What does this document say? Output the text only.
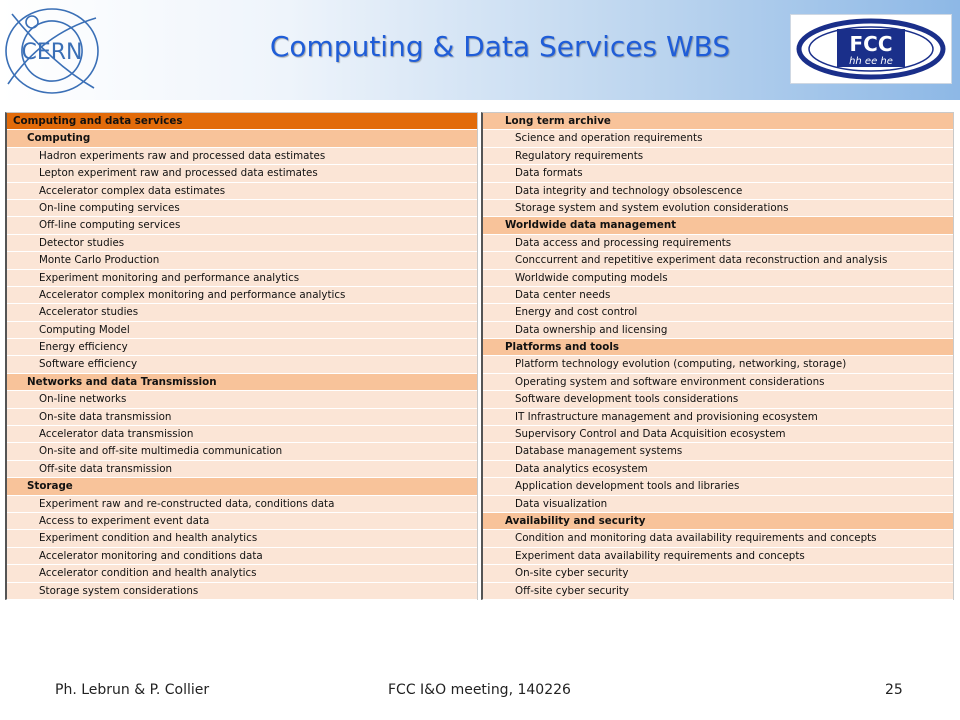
CERN	Computing & Data Services WBS	FCC
hh ee he
Computing and data services
Computing
Hadron experiments raw and processed data estimates
Lepton experiment raw and processed data estimates
Accelerator complex data estimates
On-line computing services
Off-line computing services
Detector studies
Monte Carlo Production
Experiment monitoring and performance analytics
Accelerator complex monitoring and performance analytics
Accelerator studies
Computing Model
Energy efficiency
Software efficiency
Networks and data Transmission
On-line networks
On-site data transmission
Accelerator data transmission
On-site and off-site multimedia communication
Off-site data transmission
Storage
Experiment raw and re-constructed data, conditions data
Access to experiment event data
Experiment condition and health analytics
Accelerator monitoring and conditions data
Accelerator condition and health analytics
Storage system considerations
Long term archive
Science and operation requirements
Regulatory requirements
Data formats
Data integrity and technology obsolescence
Storage system and system evolution considerations
Worldwide data management
Data access and processing requirements
Conccurrent and repetitive experiment data reconstruction and analysis
Worldwide computing models
Data center needs
Energy and cost control
Data ownership and licensing
Platforms and tools
Platform technology evolution (computing, networking, storage)
Operating system and software environment considerations
Software development tools considerations
IT Infrastructure management and provisioning ecosystem
Supervisory Control and Data Acquisition ecosystem
Database management systems
Data analytics ecosystem
Application development tools and libraries
Data visualization
Availability and security
Condition and monitoring data availability requirements and concepts
Experiment data availability requirements and concepts
On-site cyber security
Off-site cyber security
Ph. Lebrun & P. Collier	FCC I&O meeting, 140226	25
